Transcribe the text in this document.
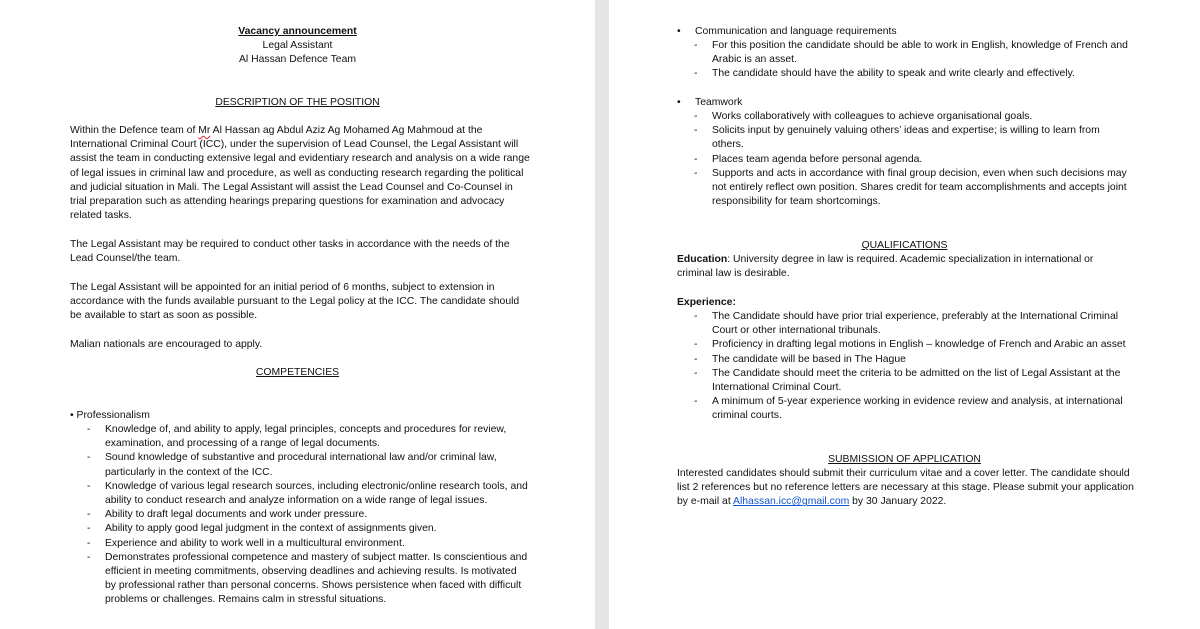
Vacancy announcement
Legal Assistant
Al Hassan Defence Team
DESCRIPTION OF THE POSITION

Within the Defence team of Mr Al Hassan ag Abdul Aziz Ag Mohamed Ag Mahmoud at the International Criminal Court (ICC), under the supervision of Lead Counsel, the Legal Assistant will assist the team in conducting extensive legal and evidentiary research and analysis on a wide range of legal issues in criminal law and procedure, as well as conducting research regarding the political and judicial situation in Mali. The Legal Assistant will assist the Lead Counsel and Co-Counsel in trial preparation such as attending hearings preparing questions for examination and advocacy related tasks.

The Legal Assistant may be required to conduct other tasks in accordance with the needs of the Lead Counsel/the team.

The Legal Assistant will be appointed for an initial period of 6 months, subject to extension in accordance with the funds available pursuant to the Legal policy at the ICC. The candidate should be available to start as soon as possible.

Malian nationals are encouraged to apply.

COMPETENCIES
• Professionalism
- Knowledge of, and ability to apply, legal principles, concepts and procedures for review, examination, and processing of a range of legal documents.
- Sound knowledge of substantive and procedural international law and/or criminal law, particularly in the context of the ICC.
- Knowledge of various legal research sources, including electronic/online research tools, and ability to conduct research and analyze information on a wide range of legal issues.
- Ability to draft legal documents and work under pressure.
- Ability to apply good legal judgment in the context of assignments given.
- Experience and ability to work well in a multicultural environment.
- Demonstrates professional competence and mastery of subject matter. Is conscientious and efficient in meeting commitments, observing deadlines and achieving results. Is motivated by professional rather than personal concerns. Shows persistence when faced with difficult problems or challenges. Remains calm in stressful situations.
• Communication and language requirements
- For this position the candidate should be able to work in English, knowledge of French and Arabic is an asset.
- The candidate should have the ability to speak and write clearly and effectively.
• Teamwork
- Works collaboratively with colleagues to achieve organisational goals.
- Solicits input by genuinely valuing others’ ideas and expertise; is willing to learn from others.
- Places team agenda before personal agenda.
- Supports and acts in accordance with final group decision, even when such decisions may not entirely reflect own position. Shares credit for team accomplishments and accepts joint responsibility for team shortcomings.
QUALIFICATIONS

Education: University degree in law is required. Academic specialization in international or criminal law is desirable.

Experience:
- The Candidate should have prior trial experience, preferably at the International Criminal Court or other international tribunals.
- Proficiency in drafting legal motions in English – knowledge of French and Arabic an asset
- The candidate will be based in The Hague
- The Candidate should meet the criteria to be admitted on the list of Legal Assistant at the International Criminal Court.
- A minimum of 5-year experience working in evidence review and analysis, at international criminal courts.
SUBMISSION OF APPLICATION

Interested candidates should submit their curriculum vitae and a cover letter. The candidate should list 2 references but no reference letters are necessary at this stage. Please submit your application by e-mail at Alhassan.icc@gmail.com by 30 January 2022.
